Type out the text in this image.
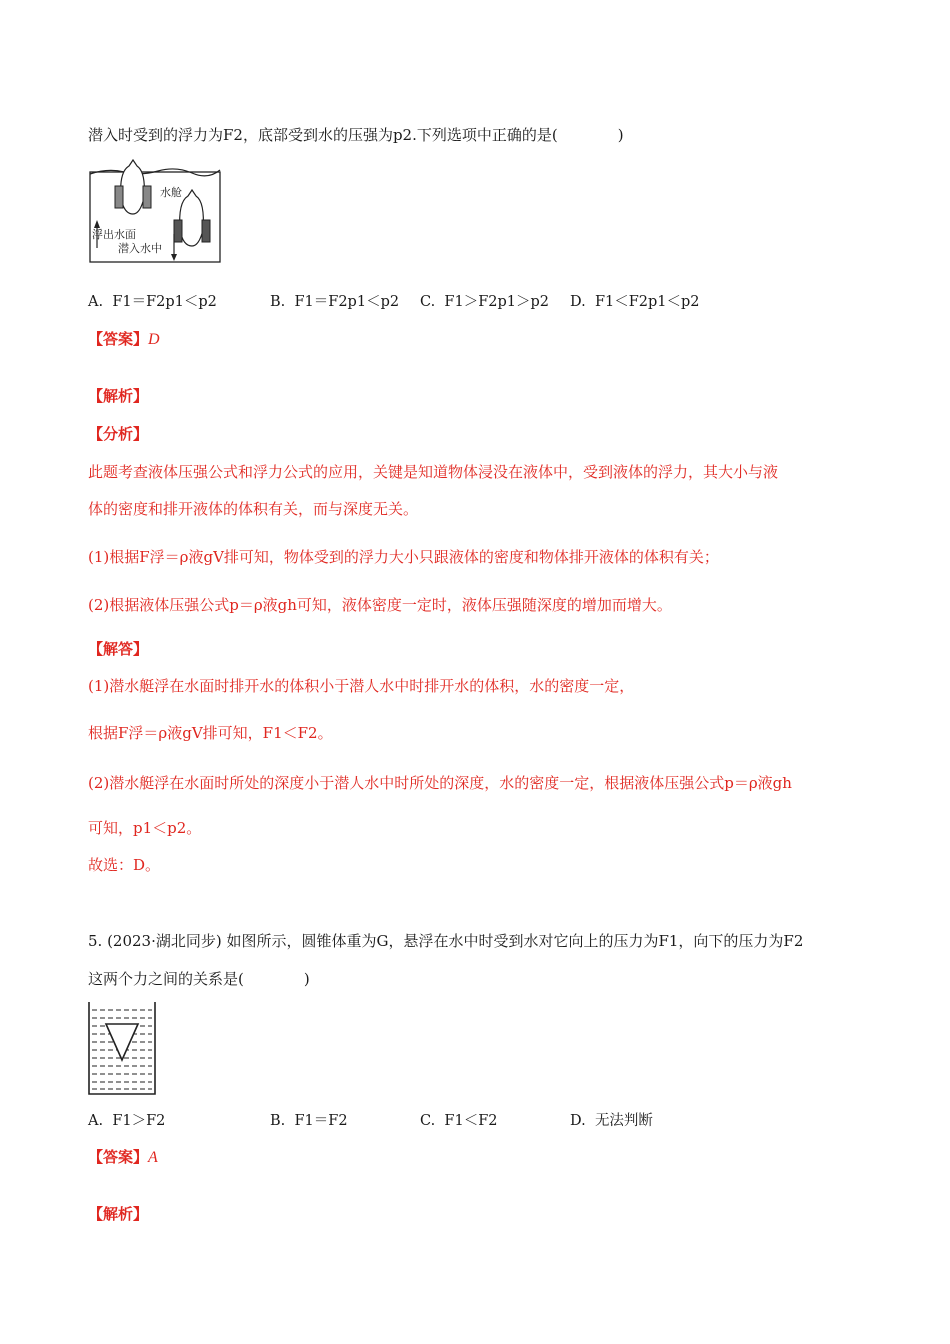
潜入时受到的浮力为F2，底部受到水的压强为p2.下列选项中正确的是(　　　　)
水舱
浮出水面
潜入水中
A. F1＝F2p1＜p2	B. F1＝F2p1＜p2 C. F1＞F2p1＞p2 D. F1＜F2p1＜p2
【答案】D
【解析】
【分析】
此题考查液体压强公式和浮力公式的应用，关键是知道物体浸没在液体中，受到液体的浮力，其大小与液
体的密度和排开液体的体积有关，而与深度无关。
(1)根据F浮＝ρ液gV排可知，物体受到的浮力大小只跟液体的密度和物体排开液体的体积有关；
(2)根据液体压强公式p＝ρ液gh可知，液体密度一定时，液体压强随深度的增加而增大。
【解答】
(1)潜水艇浮在水面时排开水的体积小于潜人水中时排开水的体积，水的密度一定，
根据F浮＝ρ液gV排可知，F1＜F2。
(2)潜水艇浮在水面时所处的深度小于潜人水中时所处的深度，水的密度一定，根据液体压强公式p＝ρ液gh
可知，p1＜p2。
故选：D。
5. (2023·湖北同步) 如图所示，圆锥体重为G，悬浮在水中时受到水对它向上的压力为F1，向下的压力为F2
这两个力之间的关系是(　　　　)
A. F1＞F2	B. F1＝F2	C. F1＜F2	D. 无法判断
【答案】A
【解析】
